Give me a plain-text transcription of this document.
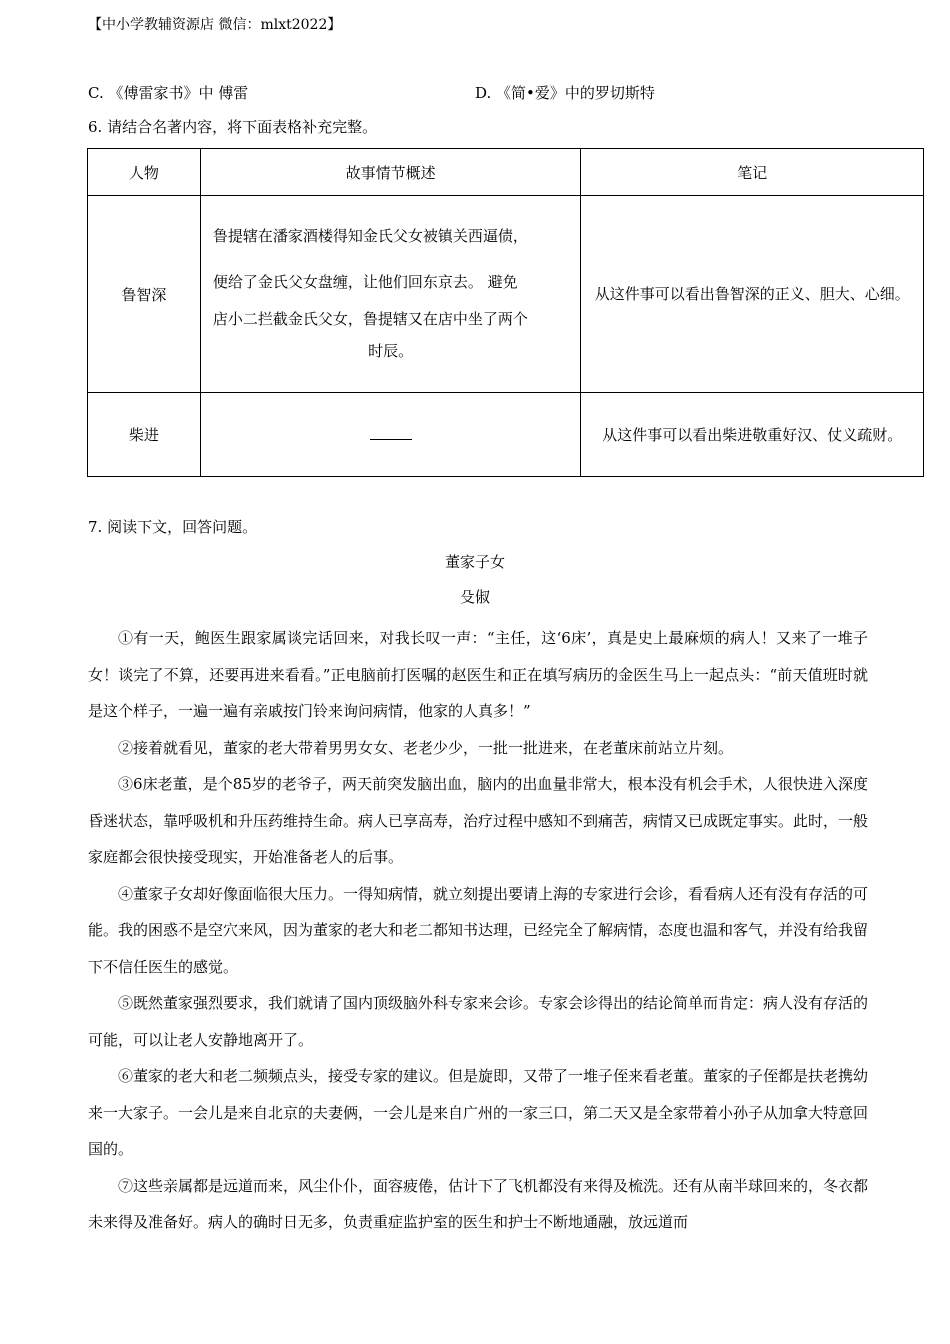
【中小学教辅资源店 微信：mlxt2022】
C. 《傅雷家书》中 傅雷	D. 《简•爱》中的罗切斯特
6. 请结合名著内容，将下面表格补充完整。
人物	故事情节概述	笔记
鲁智深	鲁提辖在潘家酒楼得知金氏父女被镇关西逼债，

便给了金氏父女盘缠，让他们回东京去。 避免

店小二拦截金氏父女，鲁提辖又在店中坐了两个

时辰。	从这件事可以看出鲁智深的正义、胆大、心细。
柴进		从这件事可以看出柴进敬重好汉、仗义疏财。
7. 阅读下文，回答问题。
董家子女
殳俶

①有一天，鲍医生跟家属谈完话回来，对我长叹一声：“主任，这‘6床’，真是史上最麻烦的病人！又来了一堆子女！谈完了不算，还要再进来看看。”正电脑前打医嘱的赵医生和正在填写病历的金医生马上一起点头：“前天值班时就是这个样子，一遍一遍有亲戚按门铃来询问病情，他家的人真多！”

②接着就看见，董家的老大带着男男女女、老老少少，一批一批进来，在老董床前站立片刻。

③6床老董，是个85岁的老爷子，两天前突发脑出血，脑内的出血量非常大，根本没有机会手术，人很快进入深度昏迷状态，靠呼吸机和升压药维持生命。病人已享高寿，治疗过程中感知不到痛苦，病情又已成既定事实。此时，一般家庭都会很快接受现实，开始准备老人的后事。

④董家子女却好像面临很大压力。一得知病情，就立刻提出要请上海的专家进行会诊，看看病人还有没有存活的可能。我的困惑不是空穴来风，因为董家的老大和老二都知书达理，已经完全了解病情，态度也温和客气，并没有给我留下不信任医生的感觉。

⑤既然董家强烈要求，我们就请了国内顶级脑外科专家来会诊。专家会诊得出的结论简单而肯定：病人没有存活的可能，可以让老人安静地离开了。

⑥董家的老大和老二频频点头，接受专家的建议。但是旋即，又带了一堆子侄来看老董。董家的子侄都是扶老携幼来一大家子。一会儿是来自北京的夫妻俩，一会儿是来自广州的一家三口，第二天又是全家带着小孙子从加拿大特意回国的。

⑦这些亲属都是远道而来，风尘仆仆，面容疲倦，估计下了飞机都没有来得及梳洗。还有从南半球回来的，冬衣都未来得及准备好。病人的确时日无多，负责重症监护室的医生和护士不断地通融，放远道而
